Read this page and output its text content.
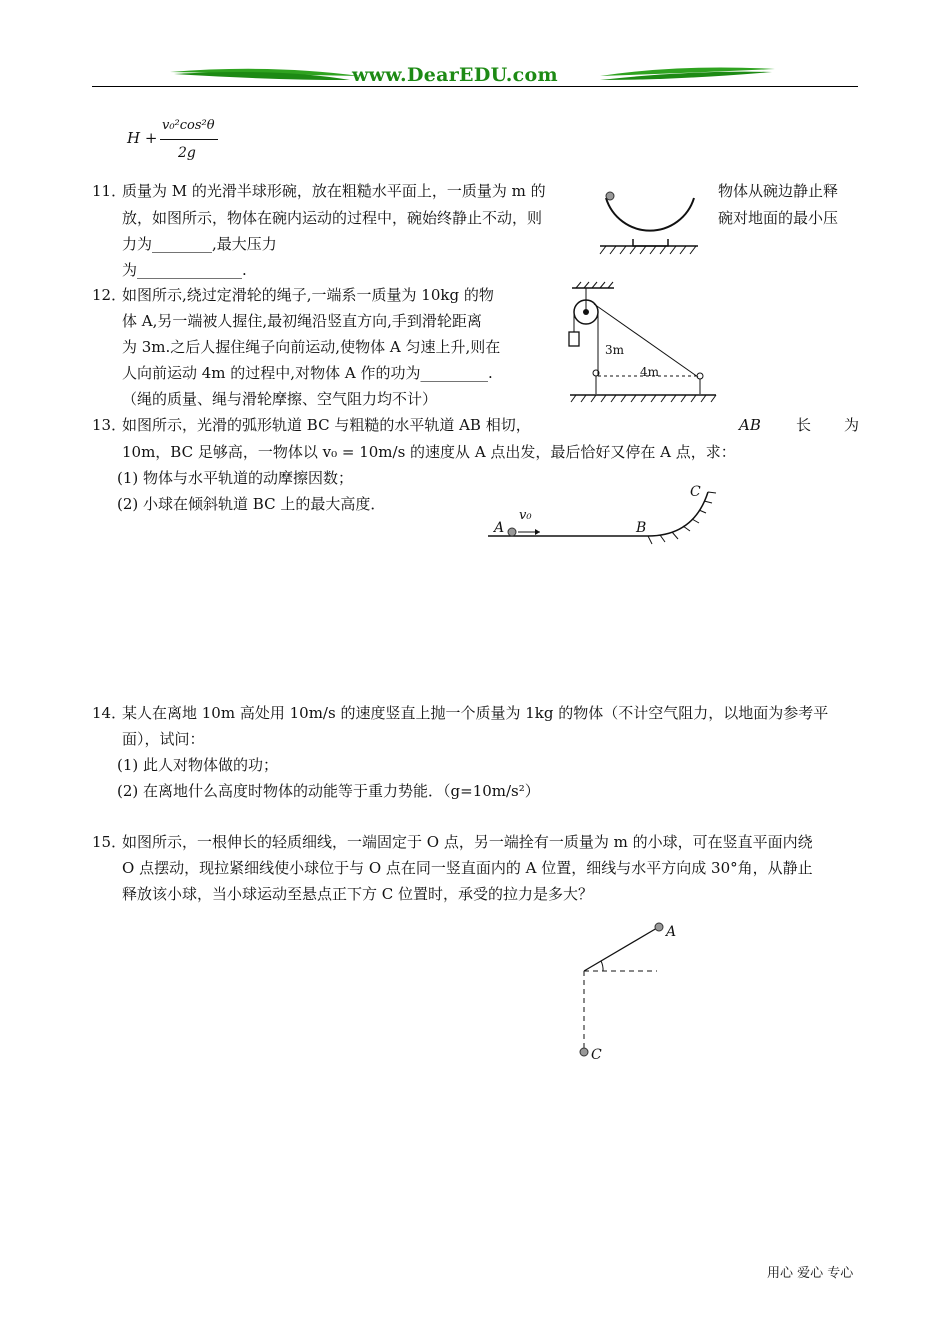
www.DearEDU.com
H +
v₀²cos²θ
2g
11．
质量为 M 的光滑半球形碗，放在粗糙水平面上，一质量为 m 的	物体从碗边静止释
放，如图所示，物体在碗内运动的过程中，碗始终静止不动，则	碗对地面的最小压
力为________,最大压力
为______________.
12．
如图所示,绕过定滑轮的绳子,一端系一质量为 10kg 的物
体 A,另一端被人握住,最初绳沿竖直方向,手到滑轮距离
为 3m.之后人握住绳子向前运动,使物体 A 匀速上升,则在
人向前运动 4m 的过程中,对物体 A 作的功为_________.
（绳的质量、绳与滑轮摩擦、空气阻力均不计）
3m
4m
13．
如图所示，光滑的弧形轨道 BC 与粗糙的水平轨道 AB 相切，	AB 长 为
10m，BC 足够高，一物体以 v₀ = 10m/s 的速度从 A 点出发，最后恰好又停在 A 点，求：
(1) 物体与水平轨道的动摩擦因数；
(2) 小球在倾斜轨道 BC 上的最大高度．
A
v₀
B
C
14．
某人在离地 10m 高处用 10m/s 的速度竖直上抛一个质量为 1kg 的物体（不计空气阻力，以地面为参考平
面），试问：
(1) 此人对物体做的功；
(2) 在离地什么高度时物体的动能等于重力势能．（g=10m/s²）
15．
如图所示，一根伸长的轻质细线，一端固定于 O 点，另一端拴有一质量为 m 的小球，可在竖直平面内绕
O 点摆动，现拉紧细线使小球位于与 O 点在同一竖直面内的 A 位置，细线与水平方向成 30°角，从静止
释放该小球，当小球运动至悬点正下方 C 位置时，承受的拉力是多大？
A
C
用心 爱心 专心
